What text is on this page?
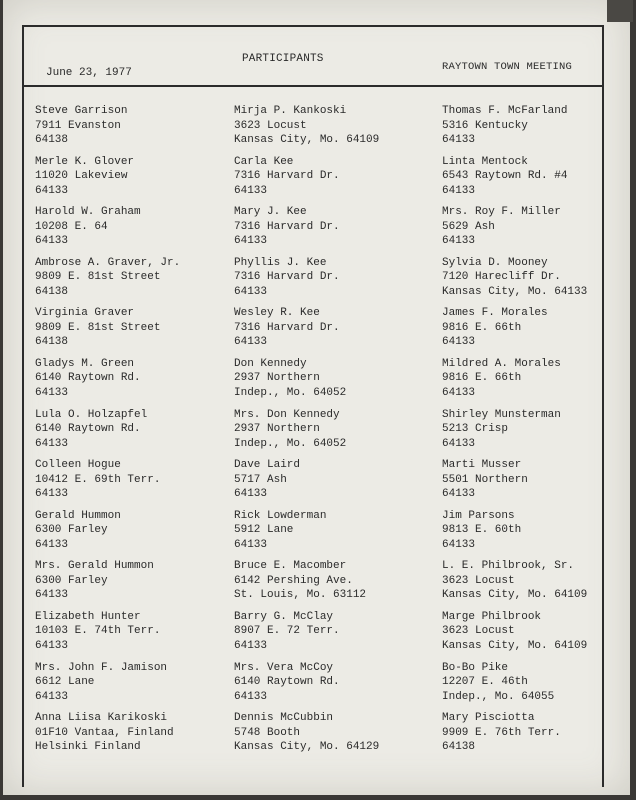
PARTICIPANTS
June 23, 1977	RAYTOWN TOWN MEETING
Steve Garrison
7911 Evanston
64138
Merle K. Glover
11020 Lakeview
64133
Harold W. Graham
10208 E. 64
64133
Ambrose A. Graver, Jr.
9809 E. 81st Street
64138
Virginia Graver
9809 E. 81st Street
64138
Gladys M. Green
6140 Raytown Rd.
64133
Lula O. Holzapfel
6140 Raytown Rd.
64133
Colleen Hogue
10412 E. 69th Terr.
64133
Gerald Hummon
6300 Farley
64133
Mrs. Gerald Hummon
6300 Farley
64133
Elizabeth Hunter
10103 E. 74th Terr.
64133
Mrs. John F. Jamison
6612 Lane
64133
Anna Liisa Karikoski
01F10 Vantaa, Finland
Helsinki Finland
Mirja P. Kankoski
3623 Locust
Kansas City, Mo. 64109
Carla Kee
7316 Harvard Dr.
64133
Mary J. Kee
7316 Harvard Dr.
64133
Phyllis J. Kee
7316 Harvard Dr.
64133
Wesley R. Kee
7316 Harvard Dr.
64133
Don Kennedy
2937 Northern
Indep., Mo. 64052
Mrs. Don Kennedy
2937 Northern
Indep., Mo. 64052
Dave Laird
5717 Ash
64133
Rick Lowderman
5912 Lane
64133
Bruce E. Macomber
6142 Pershing Ave.
St. Louis, Mo. 63112
Barry G. McClay
8907 E. 72 Terr.
64133
Mrs. Vera McCoy
6140 Raytown Rd.
64133
Dennis McCubbin
5748 Booth
Kansas City, Mo. 64129
Thomas F. McFarland
5316 Kentucky
64133
Linta Mentock
6543 Raytown Rd. #4
64133
Mrs. Roy F. Miller
5629 Ash
64133
Sylvia D. Mooney
7120 Harecliff Dr.
Kansas City, Mo. 64133
James F. Morales
9816 E. 66th
64133
Mildred A. Morales
9816 E. 66th
64133
Shirley Munsterman
5213 Crisp
64133
Marti Musser
5501 Northern
64133
Jim Parsons
9813 E. 60th
64133
L. E. Philbrook, Sr.
3623 Locust
Kansas City, Mo. 64109
Marge Philbrook
3623 Locust
Kansas City, Mo. 64109
Bo-Bo Pike
12207 E. 46th
Indep., Mo. 64055
Mary Pisciotta
9909 E. 76th Terr.
64138
